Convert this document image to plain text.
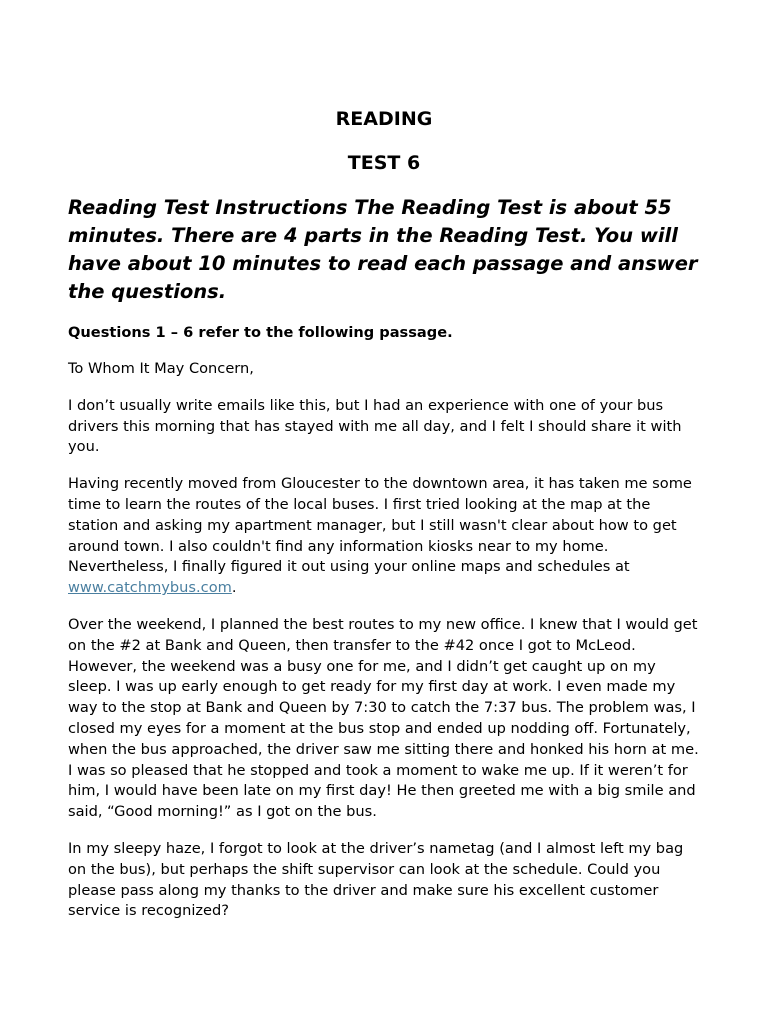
READING
TEST 6

Reading Test Instructions The Reading Test is about 55 minutes. There are 4 parts in the Reading Test. You will have about 10 minutes to read each passage and answer the questions.

Questions 1 – 6 refer to the following passage.

To Whom It May Concern,

I don’t usually write emails like this, but I had an experience with one of your bus drivers this morning that has stayed with me all day, and I felt I should share it with you.

Having recently moved from Gloucester to the downtown area, it has taken me some time to learn the routes of the local buses. I first tried looking at the map at the station and asking my apartment manager, but I still wasn't clear about how to get around town. I also couldn't find any information kiosks near to my home. Nevertheless, I finally figured it out using your online maps and schedules at www.catchmybus.com.

Over the weekend, I planned the best routes to my new office. I knew that I would get on the #2 at Bank and Queen, then transfer to the #42 once I got to McLeod. However, the weekend was a busy one for me, and I didn’t get caught up on my sleep. I was up early enough to get ready for my first day at work. I even made my way to the stop at Bank and Queen by 7:30 to catch the 7:37 bus. The problem was, I closed my eyes for a moment at the bus stop and ended up nodding off. Fortunately, when the bus approached, the driver saw me sitting there and honked his horn at me. I was so pleased that he stopped and took a moment to wake me up. If it weren’t for him, I would have been late on my first day! He then greeted me with a big smile and said, “Good morning!” as I got on the bus.

In my sleepy haze, I forgot to look at the driver’s nametag (and I almost left my bag on the bus), but perhaps the shift supervisor can look at the schedule. Could you please pass along my thanks to the driver and make sure his excellent customer service is recognized?
